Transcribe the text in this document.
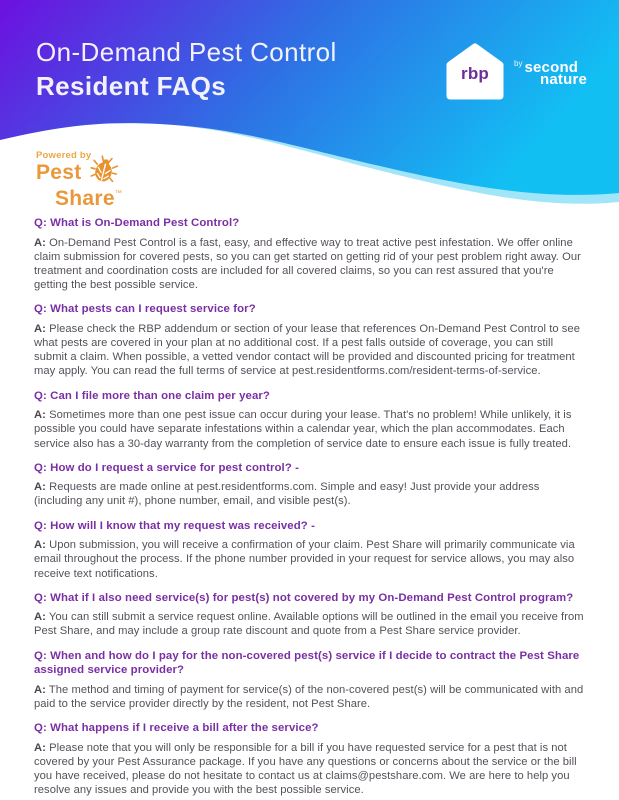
On-Demand Pest Control
Resident FAQs	rbp
$^{by}$ second
nature
Powered by
Pest
Share™
Q: What is On-Demand Pest Control?
A: On-Demand Pest Control is a fast, easy, and effective way to treat active pest infestation. We offer online claim submission for covered pests, so you can get started on getting rid of your pest problem right away. Our treatment and coordination costs are included for all covered claims, so you can rest assured that you're getting the best possible service.
Q: What pests can I request service for?
A: Please check the RBP addendum or section of your lease that references On-Demand Pest Control to see what pests are covered in your plan at no additional cost. If a pest falls outside of coverage, you can still submit a claim. When possible, a vetted vendor contact will be provided and discounted pricing for treatment may apply. You can read the full terms of service at pest.residentforms.com/resident-terms-of-service.
Q: Can I file more than one claim per year?
A: Sometimes more than one pest issue can occur during your lease. That's no problem! While unlikely, it is possible you could have separate infestations within a calendar year, which the plan accommodates. Each service also has a 30-day warranty from the completion of service date to ensure each issue is fully treated.
Q: How do I request a service for pest control? -
A: Requests are made online at pest.residentforms.com. Simple and easy! Just provide your address (including any unit #), phone number, email, and visible pest(s).
Q: How will I know that my request was received? -
A: Upon submission, you will receive a confirmation of your claim. Pest Share will primarily communicate via email throughout the process. If the phone number provided in your request for service allows, you may also receive text notifications.
Q: What if I also need service(s) for pest(s) not covered by my On-Demand Pest Control program?
A: You can still submit a service request online. Available options will be outlined in the email you receive from Pest Share, and may include a group rate discount and quote from a Pest Share service provider.
Q: When and how do I pay for the non-covered pest(s) service if I decide to contract the Pest Share assigned service provider?
A: The method and timing of payment for service(s) of the non-covered pest(s) will be communicated with and paid to the service provider directly by the resident, not Pest Share.
Q: What happens if I receive a bill after the service?
A: Please note that you will only be responsible for a bill if you have requested service for a pest that is not covered by your Pest Assurance package. If you have any questions or concerns about the service or the bill you have received, please do not hesitate to contact us at claims@pestshare.com. We are here to help you resolve any issues and provide you with the best possible service.
